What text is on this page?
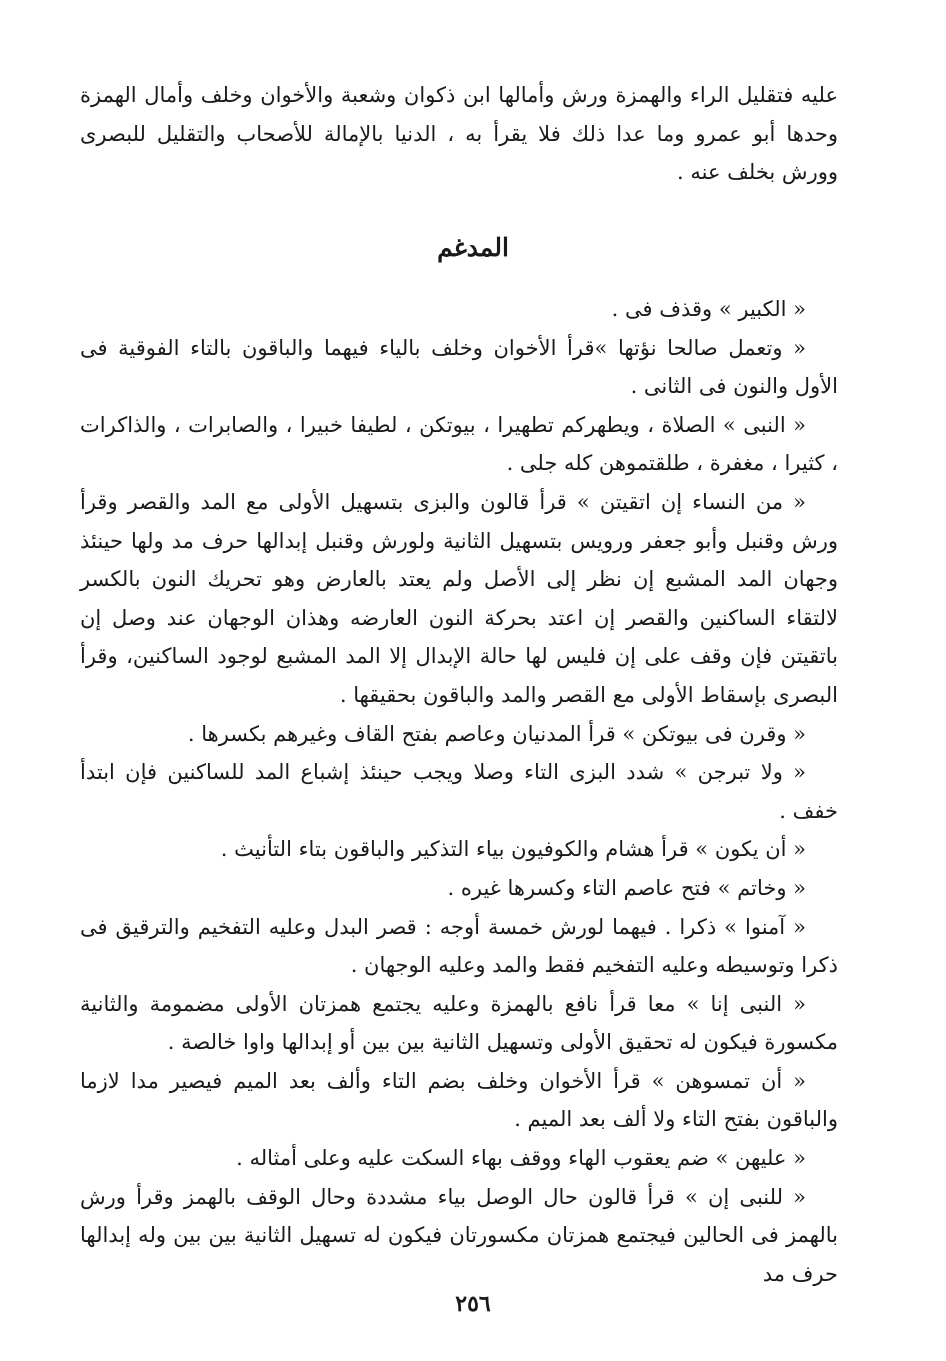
عليه فتقليل الراء والهمزة ورش وأمالها ابن ذكوان وشعبة والأخوان وخلف وأمال الهمزة وحدها أبو عمرو وما عدا ذلك فلا يقرأ به ، الدنيا بالإمالة للأصحاب والتقليل للبصرى وورش بخلف عنه .

المدغم

« الكبير » وقذف فى .

« وتعمل صالحا نؤتها »قرأ الأخوان وخلف بالياء فيهما والباقون بالتاء الفوقية فى الأول والنون فى الثانى .

« النبى » الصلاة ، ويطهركم تطهيرا ، بيوتكن ، لطيفا خبيرا ، والصابرات ، والذاكرات ، كثيرا ، مغفرة ، طلقتموهن كله جلى .

« من النساء إن اتقيتن » قرأ قالون والبزى بتسهيل الأولى مع المد والقصر وقرأ ورش وقنبل وأبو جعفر ورويس بتسهيل الثانية ولورش وقنبل إبدالها حرف مد ولها حينئذ وجهان المد المشبع إن نظر إلى الأصل ولم يعتد بالعارض وهو تحريك النون بالكسر لالتقاء الساكنين والقصر إن اعتد بحركة النون العارضه وهذان الوجهان عند وصل إن باتقيتن فإن وقف على إن فليس لها حالة الإبدال إلا المد المشبع لوجود الساكنين، وقرأ البصرى بإسقاط الأولى مع القصر والمد والباقون بحقيقها .

« وقرن فى بيوتكن » قرأ المدنيان وعاصم بفتح القاف وغيرهم بكسرها .

« ولا تبرجن » شدد البزى التاء وصلا ويجب حينئذ إشباع المد للساكنين فإن ابتدأ خفف .

« أن يكون » قرأ هشام والكوفيون بياء التذكير والباقون بتاء التأنيث .

« وخاتم » فتح عاصم التاء وكسرها غيره .

« آمنوا » ذكرا . فيهما لورش خمسة أوجه : قصر البدل وعليه التفخيم والترقيق فى ذكرا وتوسيطه وعليه التفخيم فقط والمد وعليه الوجهان .

« النبى إنا » معا قرأ نافع بالهمزة وعليه يجتمع همزتان الأولى مضمومة والثانية مكسورة فيكون له تحقيق الأولى وتسهيل الثانية بين بين أو إبدالها واوا خالصة .

« أن تمسوهن » قرأ الأخوان وخلف بضم التاء وألف بعد الميم فيصير مدا لازما والباقون بفتح التاء ولا ألف بعد الميم .

« عليهن » ضم يعقوب الهاء ووقف بهاء السكت عليه وعلى أمثاله .

« للنبى إن » قرأ قالون حال الوصل بياء مشددة وحال الوقف بالهمز وقرأ ورش بالهمز فى الحالين فيجتمع همزتان مكسورتان فيكون له تسهيل الثانية بين بين وله إبدالها حرف مد

٢٥٦
